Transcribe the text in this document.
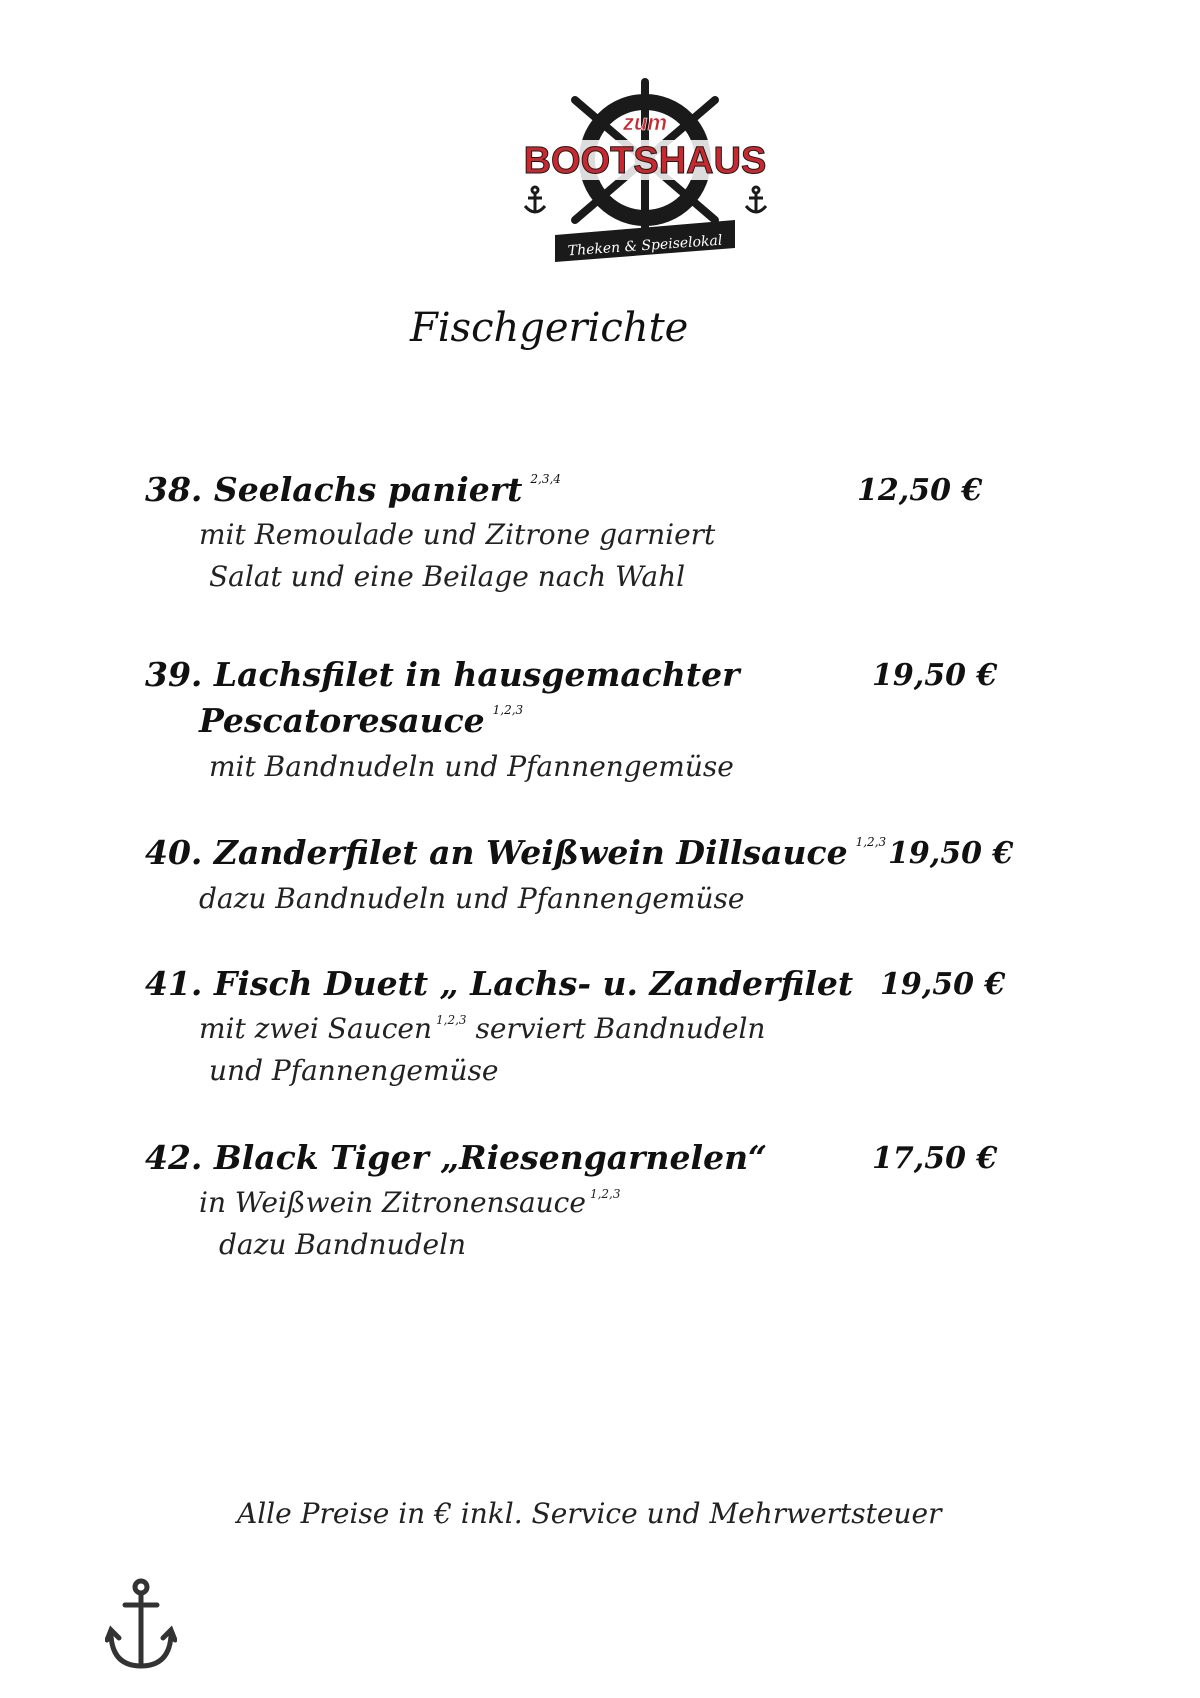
zum
BOOTSHAUS
Theken & Speiselokal
Fischgerichte
38. Seelachs paniert $^{2,3,4}$	12,50 €
mit Remoulade und Zitrone garniert
Salat und eine Beilage nach Wahl
39. Lachsfilet in hausgemachter
Pescatoresauce $^{1,2,3}$
19,50 €
mit Bandnudeln und Pfannengemüse
40. Zanderfilet an Weißwein Dillsauce $^{1,2,3}$ 19,50 €
dazu Bandnudeln und Pfannengemüse
41. Fisch Duett „ Lachs- u. Zanderfilet 19,50 €
mit zwei Saucen $^{1,2,3}$ serviert Bandnudeln
und Pfannengemüse
42. Black Tiger „Riesengarnelen“	17,50 €
in Weißwein Zitronensauce $^{1,2,3}$
dazu Bandnudeln
Alle Preise in € inkl. Service und Mehrwertsteuer
